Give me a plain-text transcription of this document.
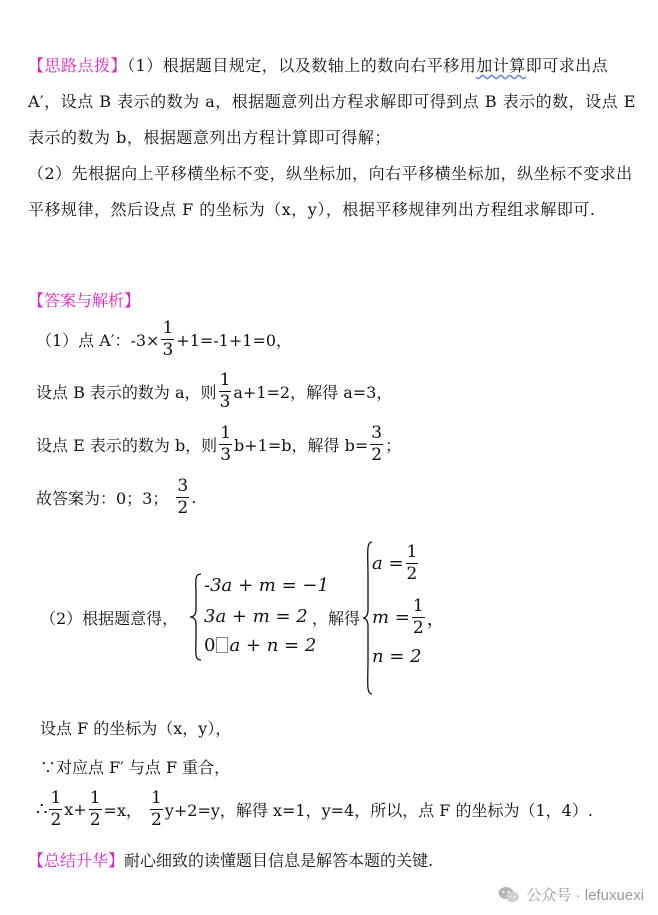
【思路点拨】（1）根据题目规定，以及数轴上的数向右平移用加计算即可求出点 A′，设点 B 表示的数为 a，根据题意列出方程求解即可得到点 B 表示的数，设点 E 表示的数为 b，根据题意列出方程计算即可得解；
（2）先根据向上平移横坐标不变，纵坐标加，向右平移横坐标加，纵坐标不变求出平移规律，然后设点 F 的坐标为（x，y），根据平移规律列出方程组求解即可.
【答案与解析】
（1）点 A′：$-3\times \frac{1}{3} +1=-1+1=0$，
设点 B 表示的数为 a，则 $\frac{1}{3} a+1=2$，解得 a=3，
设点 E 表示的数为 b，则 $\frac{1}{3} b+1=b$，解得 $b= \frac{3}{2}$ ；
故答案为：0；3； $\frac{3}{2}$ .
（2）根据题意得，
-3a + m = −1
3a + m = 2
0 a + n = 2
，解得
$a = \frac{1}{2}$
$m = \frac{1}{2}$ ，
n = 2
设点 F 的坐标为（x，y），
∵对应点 F′ 与点 F 重合，
∴ $\frac{1}{2} x+ \frac{1}{2} =x$， $\frac{1}{2} y+2=y$，解得 x=1，y=4，所以，点 F 的坐标为（1，4）.
【总结升华】 耐心细致的读懂题目信息是解答本题的关键.
公众号 · lefuxuexi
